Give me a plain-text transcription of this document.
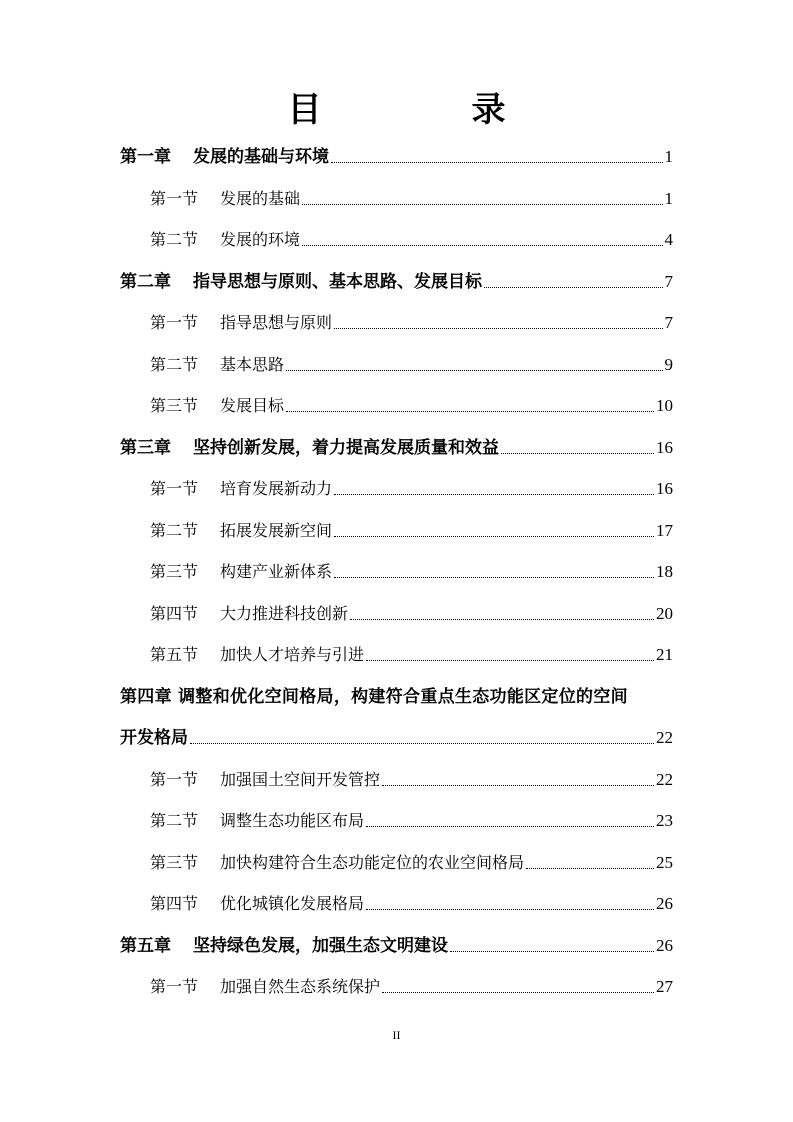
目　录
第一章 发展的基础与环境	1
第一节 发展的基础	1
第二节 发展的环境	4
第二章 指导思想与原则、基本思路、发展目标	7
第一节 指导思想与原则	7
第二节 基本思路	9
第三节 发展目标	10
第三章 坚持创新发展，着力提高发展质量和效益	16
第一节 培育发展新动力	16
第二节 拓展发展新空间	17
第三节 构建产业新体系	18
第四节 大力推进科技创新	20
第五节 加快人才培养与引进	21
第四章 调整和优化空间格局，构建符合重点生态功能区定位的空间
开发格局	22
第一节 加强国土空间开发管控	22
第二节 调整生态功能区布局	23
第三节 加快构建符合生态功能定位的农业空间格局	25
第四节 优化城镇化发展格局	26
第五章 坚持绿色发展，加强生态文明建设	26
第一节 加强自然生态系统保护	27
II
